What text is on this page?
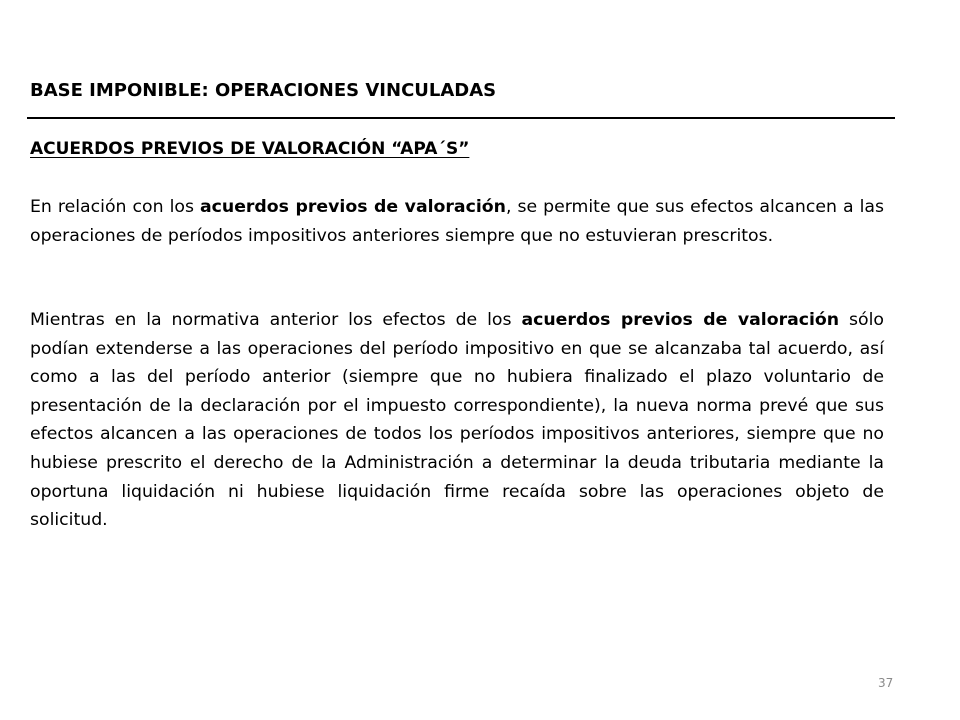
BASE IMPONIBLE: OPERACIONES VINCULADAS
ACUERDOS PREVIOS DE VALORACIÓN “APA´S”

En relación con los acuerdos previos de valoración, se permite que sus efectos alcancen a las operaciones de períodos impositivos anteriores siempre que no estuvieran prescritos.

Mientras en la normativa anterior los efectos de los acuerdos previos de valoración sólo podían extenderse a las operaciones del período impositivo en que se alcanzaba tal acuerdo, así como a las del período anterior (siempre que no hubiera finalizado el plazo voluntario de presentación de la declaración por el impuesto correspondiente), la nueva norma prevé que sus efectos alcancen a las operaciones de todos los períodos impositivos anteriores, siempre que no hubiese prescrito el derecho de la Administración a determinar la deuda tributaria mediante la oportuna liquidación ni hubiese liquidación firme recaída sobre las operaciones objeto de solicitud.

37
